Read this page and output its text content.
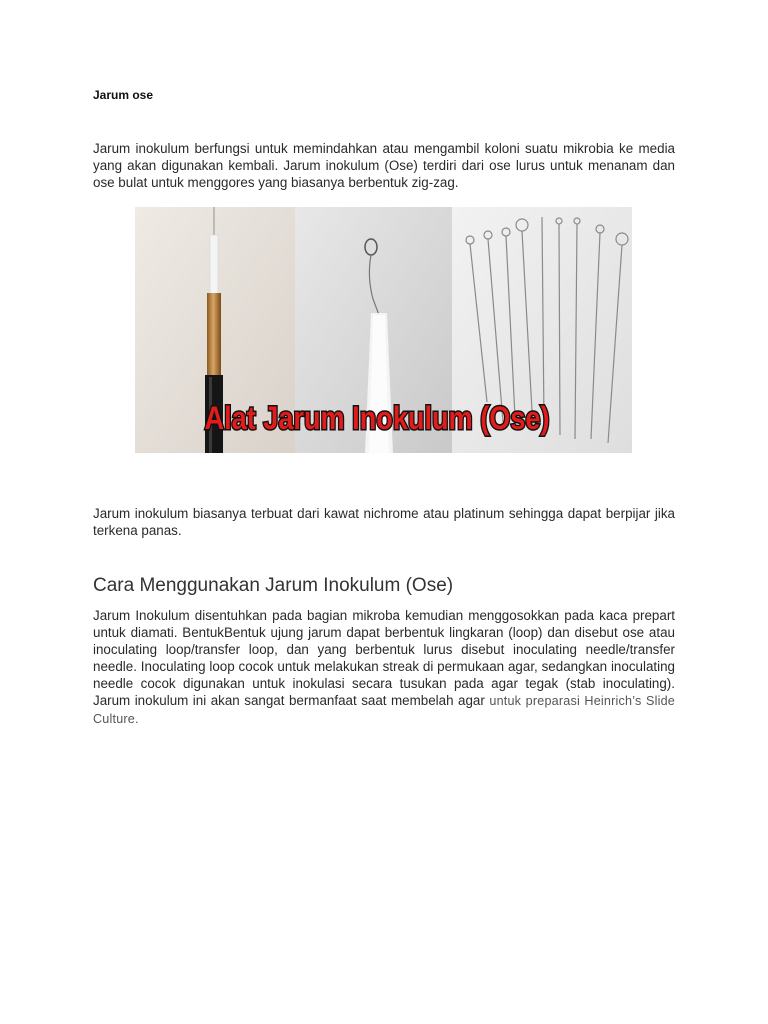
Jarum ose

Jarum inokulum berfungsi untuk memindahkan atau mengambil koloni suatu mikrobia ke media yang akan digunakan kembali. Jarum inokulum (Ose) terdiri dari ose lurus untuk menanam dan ose bulat untuk menggores yang biasanya berbentuk zig-zag.

Alat Jarum Inokulum (Ose)

Jarum inokulum biasanya terbuat dari kawat nichrome atau platinum sehingga dapat berpijar jika terkena panas.

Cara Menggunakan Jarum Inokulum (Ose)

Jarum Inokulum disentuhkan pada bagian mikroba kemudian menggosokkan pada kaca prepart untuk diamati. BentukBentuk ujung jarum dapat berbentuk lingkaran (loop) dan disebut ose atau inoculating loop/transfer loop, dan yang berbentuk lurus disebut inoculating needle/transfer needle. Inoculating loop cocok untuk melakukan streak di permukaan agar, sedangkan inoculating needle cocok digunakan untuk inokulasi secara tusukan pada agar tegak (stab inoculating). Jarum inokulum ini akan sangat bermanfaat saat membelah agar untuk preparasi Heinrich’s Slide Culture.
